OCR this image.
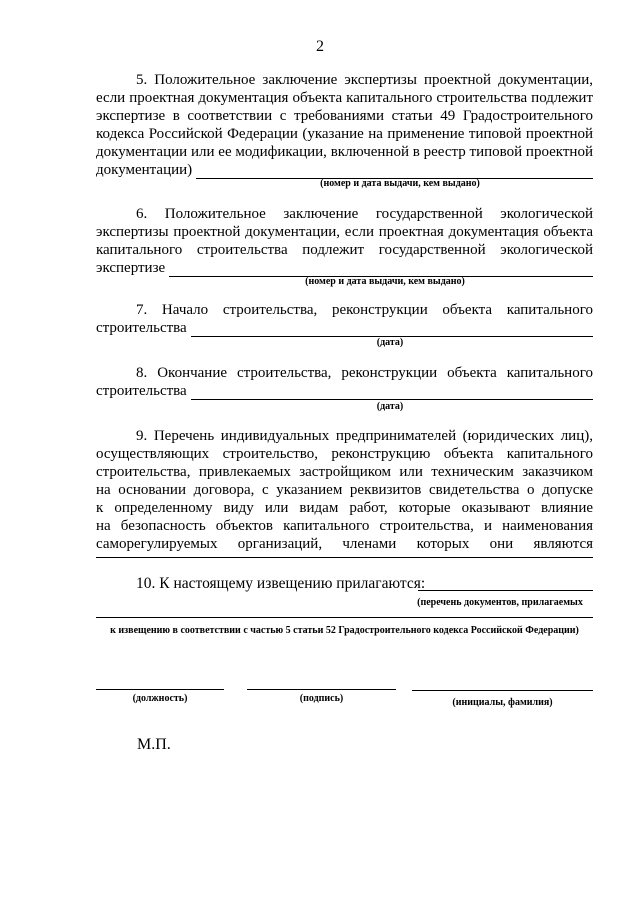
2
5. Положительное заключение экспертизы проектной документации,
если проектная документация объекта капитального строительства подлежит
экспертизе в соответствии с требованиями статьи 49 Градостроительного
кодекса Российской Федерации (указание на применение типовой проектной
документации или ее модификации, включенной в реестр типовой проектной
документации)
(номер и дата выдачи, кем выдано)
6. Положительное заключение государственной экологической
экспертизы проектной документации, если проектная документация объекта
капитального строительства подлежит государственной экологической
экспертизе
(номер и дата выдачи, кем выдано)
7. Начало строительства, реконструкции объекта капитального
строительства
(дата)
8. Окончание строительства, реконструкции объекта капитального
строительства
(дата)
9. Перечень индивидуальных предпринимателей (юридических лиц),
осуществляющих строительство, реконструкцию объекта капитального
строительства, привлекаемых застройщиком или техническим заказчиком
на основании договора, с указанием реквизитов свидетельства о допуске
к определенному виду или видам работ, которые оказывают влияние
на безопасность объектов капитального строительства, и наименования
саморегулируемых организаций, членами которых они являются
10. К настоящему извещению прилагаются:
(перечень документов, прилагаемых
к извещению в соответствии с частью 5 статьи 52 Градостроительного кодекса Российской Федерации)
(должность)	(подпись)	(инициалы, фамилия)
М.П.
